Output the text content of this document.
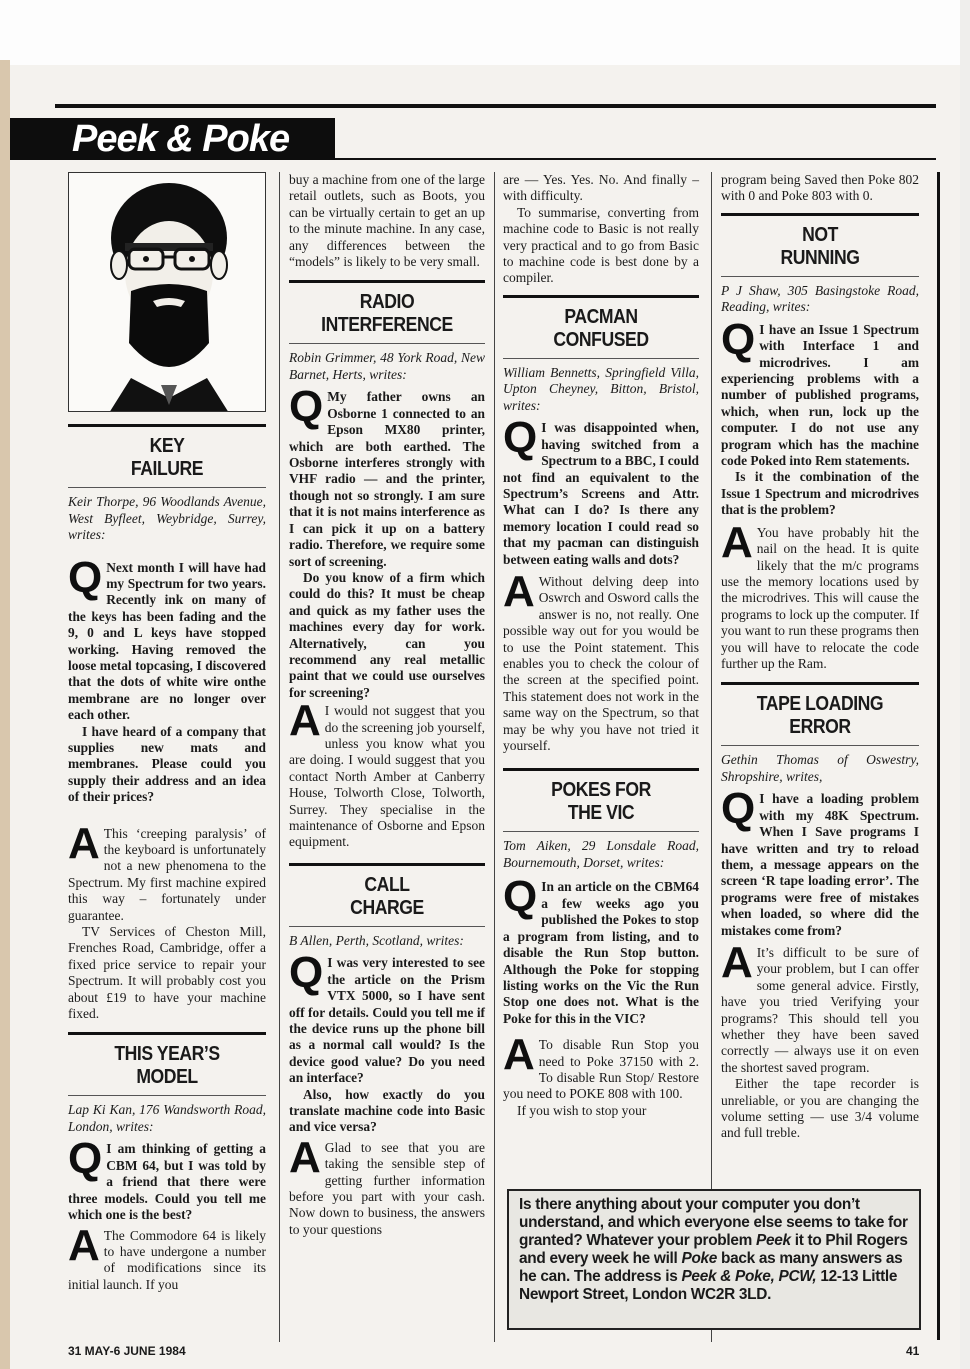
Peek & Poke
KEY
FAILURE
Keir Thorpe, 96 Woodlands Avenue, West Byfleet, Weybridge, Surrey, writes:
Q Next month I will have had my Spectrum for two years. Recently ink on many of the keys has been fading and the 9, 0 and L keys have stopped working. Having removed the loose metal topcasing, I discovered that the dots of white wire onthe membrane are no longer over each other.
I have heard of a company that supplies new mats and membranes. Please could you supply their address and an idea of their prices?
A This ‘creeping paralysis’ of the keyboard is unfortunately not a new phenomena to the Spectrum. My first machine expired this way – fortunately under guarantee.
TV Services of Cheston Mill, Frenches Road, Cambridge, offer a fixed price service to repair your Spectrum. It will probably cost you about £19 to have your machine fixed.
THIS YEAR’S
MODEL
Lap Ki Kan, 176 Wandsworth Road, London, writes:
Q I am thinking of getting a CBM 64, but I was told by a friend that there were three models. Could you tell me which one is the best?
A The Commodore 64 is likely to have undergone a number of modifications since its initial launch. If you
buy a machine from one of the large retail outlets, such as Boots, you can be virtually certain to get an up to the minute machine. In any case, any differences between the “models” is likely to be very small.
RADIO
INTERFERENCE
Robin Grimmer, 48 York Road, New Barnet, Herts, writes:
Q My father owns an Osborne 1 connected to an Epson MX80 printer, which are both earthed. The Osborne interferes strongly with VHF radio — and the printer, though not so strongly. I am sure that it is not mains interference as I can pick it up on a battery radio. Therefore, we require some sort of screening.
Do you know of a firm which could do this? It must be cheap and quick as my father uses the machines every day for work. Alternatively, can you recommend any real metallic paint that we could use ourselves for screening?
A I would not suggest that you do the screening job yourself, unless you know what you are doing. I would suggest that you contact North Amber at Canberry House, Tolworth Close, Tolworth, Surrey. They specialise in the maintenance of Osborne and Epson equipment.
CALL
CHARGE
B Allen, Perth, Scotland, writes:
Q I was very interested to see the article on the Prism VTX 5000, so I have sent off for details. Could you tell me if the device runs up the phone bill as a normal call would? Is the device good value? Do you need an interface?
Also, how exactly do you translate machine code into Basic and vice versa?
A Glad to see that you are taking the sensible step of getting further information before you part with your cash. Now down to business, the answers to your questions
are — Yes. Yes. No. And finally – with difficulty.
To summarise, converting from machine code to Basic is not really very practical and to go from Basic to machine code is best done by a compiler.
PACMAN
CONFUSED
William Bennetts, Springfield Villa, Upton Cheyney, Bitton, Bristol, writes:
Q I was disappointed when, having switched from a Spectrum to a BBC, I could not find an equivalent to the Spectrum’s Screens and Attr. What can I do? Is there any memory location I could read so that my pacman can distinguish between eating walls and dots?
A Without delving deep into Oswrch and Osword calls the answer is no, not really. One possible way out for you would be to use the Point statement. This enables you to check the colour of the screen at the specified point. This statement does not work in the same way on the Spectrum, so that may be why you have not tried it yourself.
POKES FOR
THE VIC
Tom Aiken, 29 Lonsdale Road, Bournemouth, Dorset, writes:
Q In an article on the CBM64 a few weeks ago you published the Pokes to stop a program from listing, and to disable the Run Stop button. Although the Poke for stopping listing works on the Vic the Run Stop one does not. What is the Poke for this in the VIC?
A To disable Run Stop you need to Poke 37150 with 2. To disable Run Stop/ Restore you need to POKE 808 with 100.
If you wish to stop your
program being Saved then Poke 802 with 0 and Poke 803 with 0.
NOT
RUNNING
P J Shaw, 305 Basingstoke Road, Reading, writes:
Q I have an Issue 1 Spectrum with Interface 1 and microdrives. I am experiencing problems with a number of published programs, which, when run, lock up the computer. I do not use any program which has the machine code Poked into Rem statements.
Is it the combination of the Issue 1 Spectrum and microdrives that is the problem?
A You have probably hit the nail on the head. It is quite likely that the m/c programs use the memory locations used by the microdrives. This will cause the programs to lock up the computer. If you want to run these programs then you will have to relocate the code further up the Ram.
TAPE LOADING
ERROR
Gethin Thomas of Oswestry, Shropshire, writes,
Q I have a loading problem with my 48K Spectrum. When I Save programs I have written and try to reload them, a message appears on the screen ‘R tape loading error’. The programs were free of mistakes when loaded, so where did the mistakes come from?
A It’s difficult to be sure of your problem, but I can offer some general advice. Firstly, have you tried Verifying your programs? This should tell you whether they have been saved correctly — always use it on even the shortest saved program.
Either the tape recorder is unreliable, or you are changing the volume setting — use 3/4 volume and full treble.
Is there anything about your computer you don’t understand, and which everyone else seems to take for granted? Whatever your problem Peek it to Phil Rogers and every week he will Poke back as many answers as he can. The address is Peek & Poke, PCW, 12-13 Little Newport Street, London WC2R 3LD.
31 MAY-6 JUNE 1984	41
